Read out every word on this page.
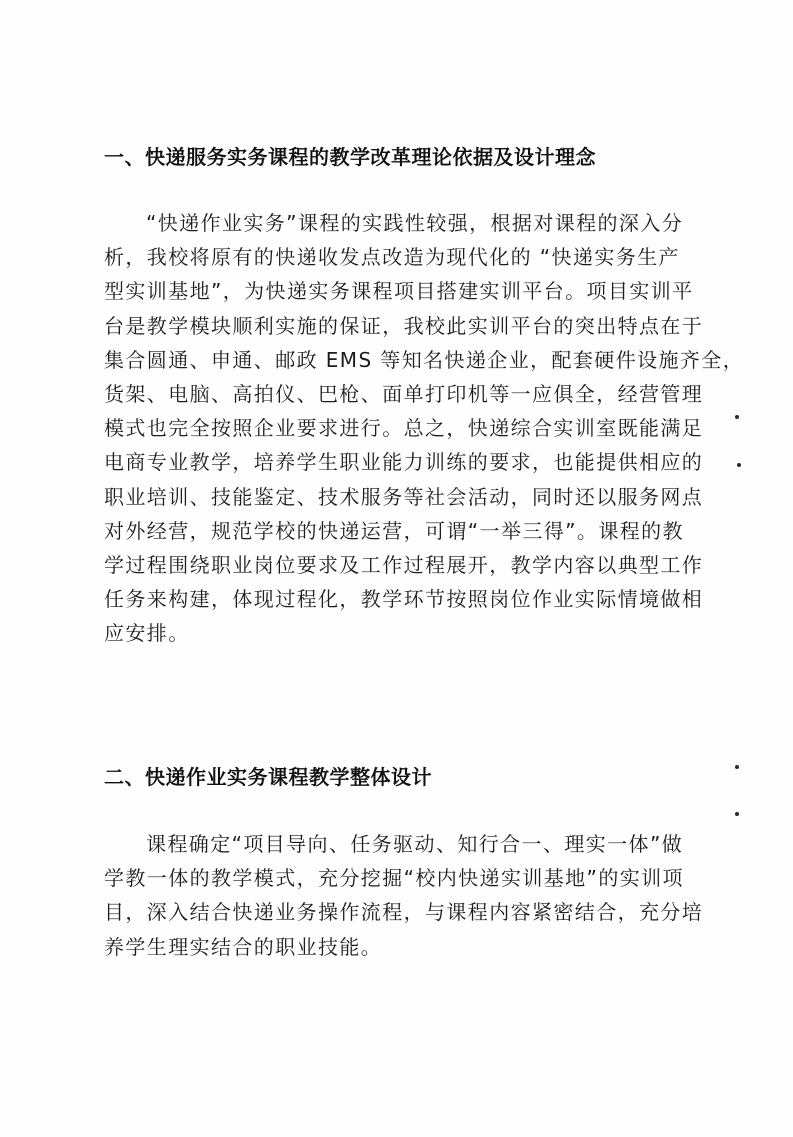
一、快递服务实务课程的教学改革理论依据及设计理念
“快递作业实务”课程的实践性较强，根据对课程的深入分
析，我校将原有的快递收发点改造为现代化的 “快递实务生产
型实训基地”，为快递实务课程项目搭建实训平台。项目实训平
台是教学模块顺利实施的保证，我校此实训平台的突出特点在于
集合圆通、申通、邮政 EMS 等知名快递企业，配套硬件设施齐全，
货架、电脑、高拍仪、巴枪、面单打印机等一应俱全，经营管理
模式也完全按照企业要求进行。总之，快递综合实训室既能满足
电商专业教学，培养学生职业能力训练的要求，也能提供相应的
职业培训、技能鉴定、技术服务等社会活动，同时还以服务网点
对外经营，规范学校的快递运营，可谓“一举三得”。课程的教
学过程围绕职业岗位要求及工作过程展开，教学内容以典型工作
任务来构建，体现过程化，教学环节按照岗位作业实际情境做相
应安排。
二、快递作业实务课程教学整体设计
课程确定“项目导向、任务驱动、知行合一、理实一体”做
学教一体的教学模式，充分挖掘“校内快递实训基地”的实训项
目，深入结合快递业务操作流程，与课程内容紧密结合，充分培
养学生理实结合的职业技能。
